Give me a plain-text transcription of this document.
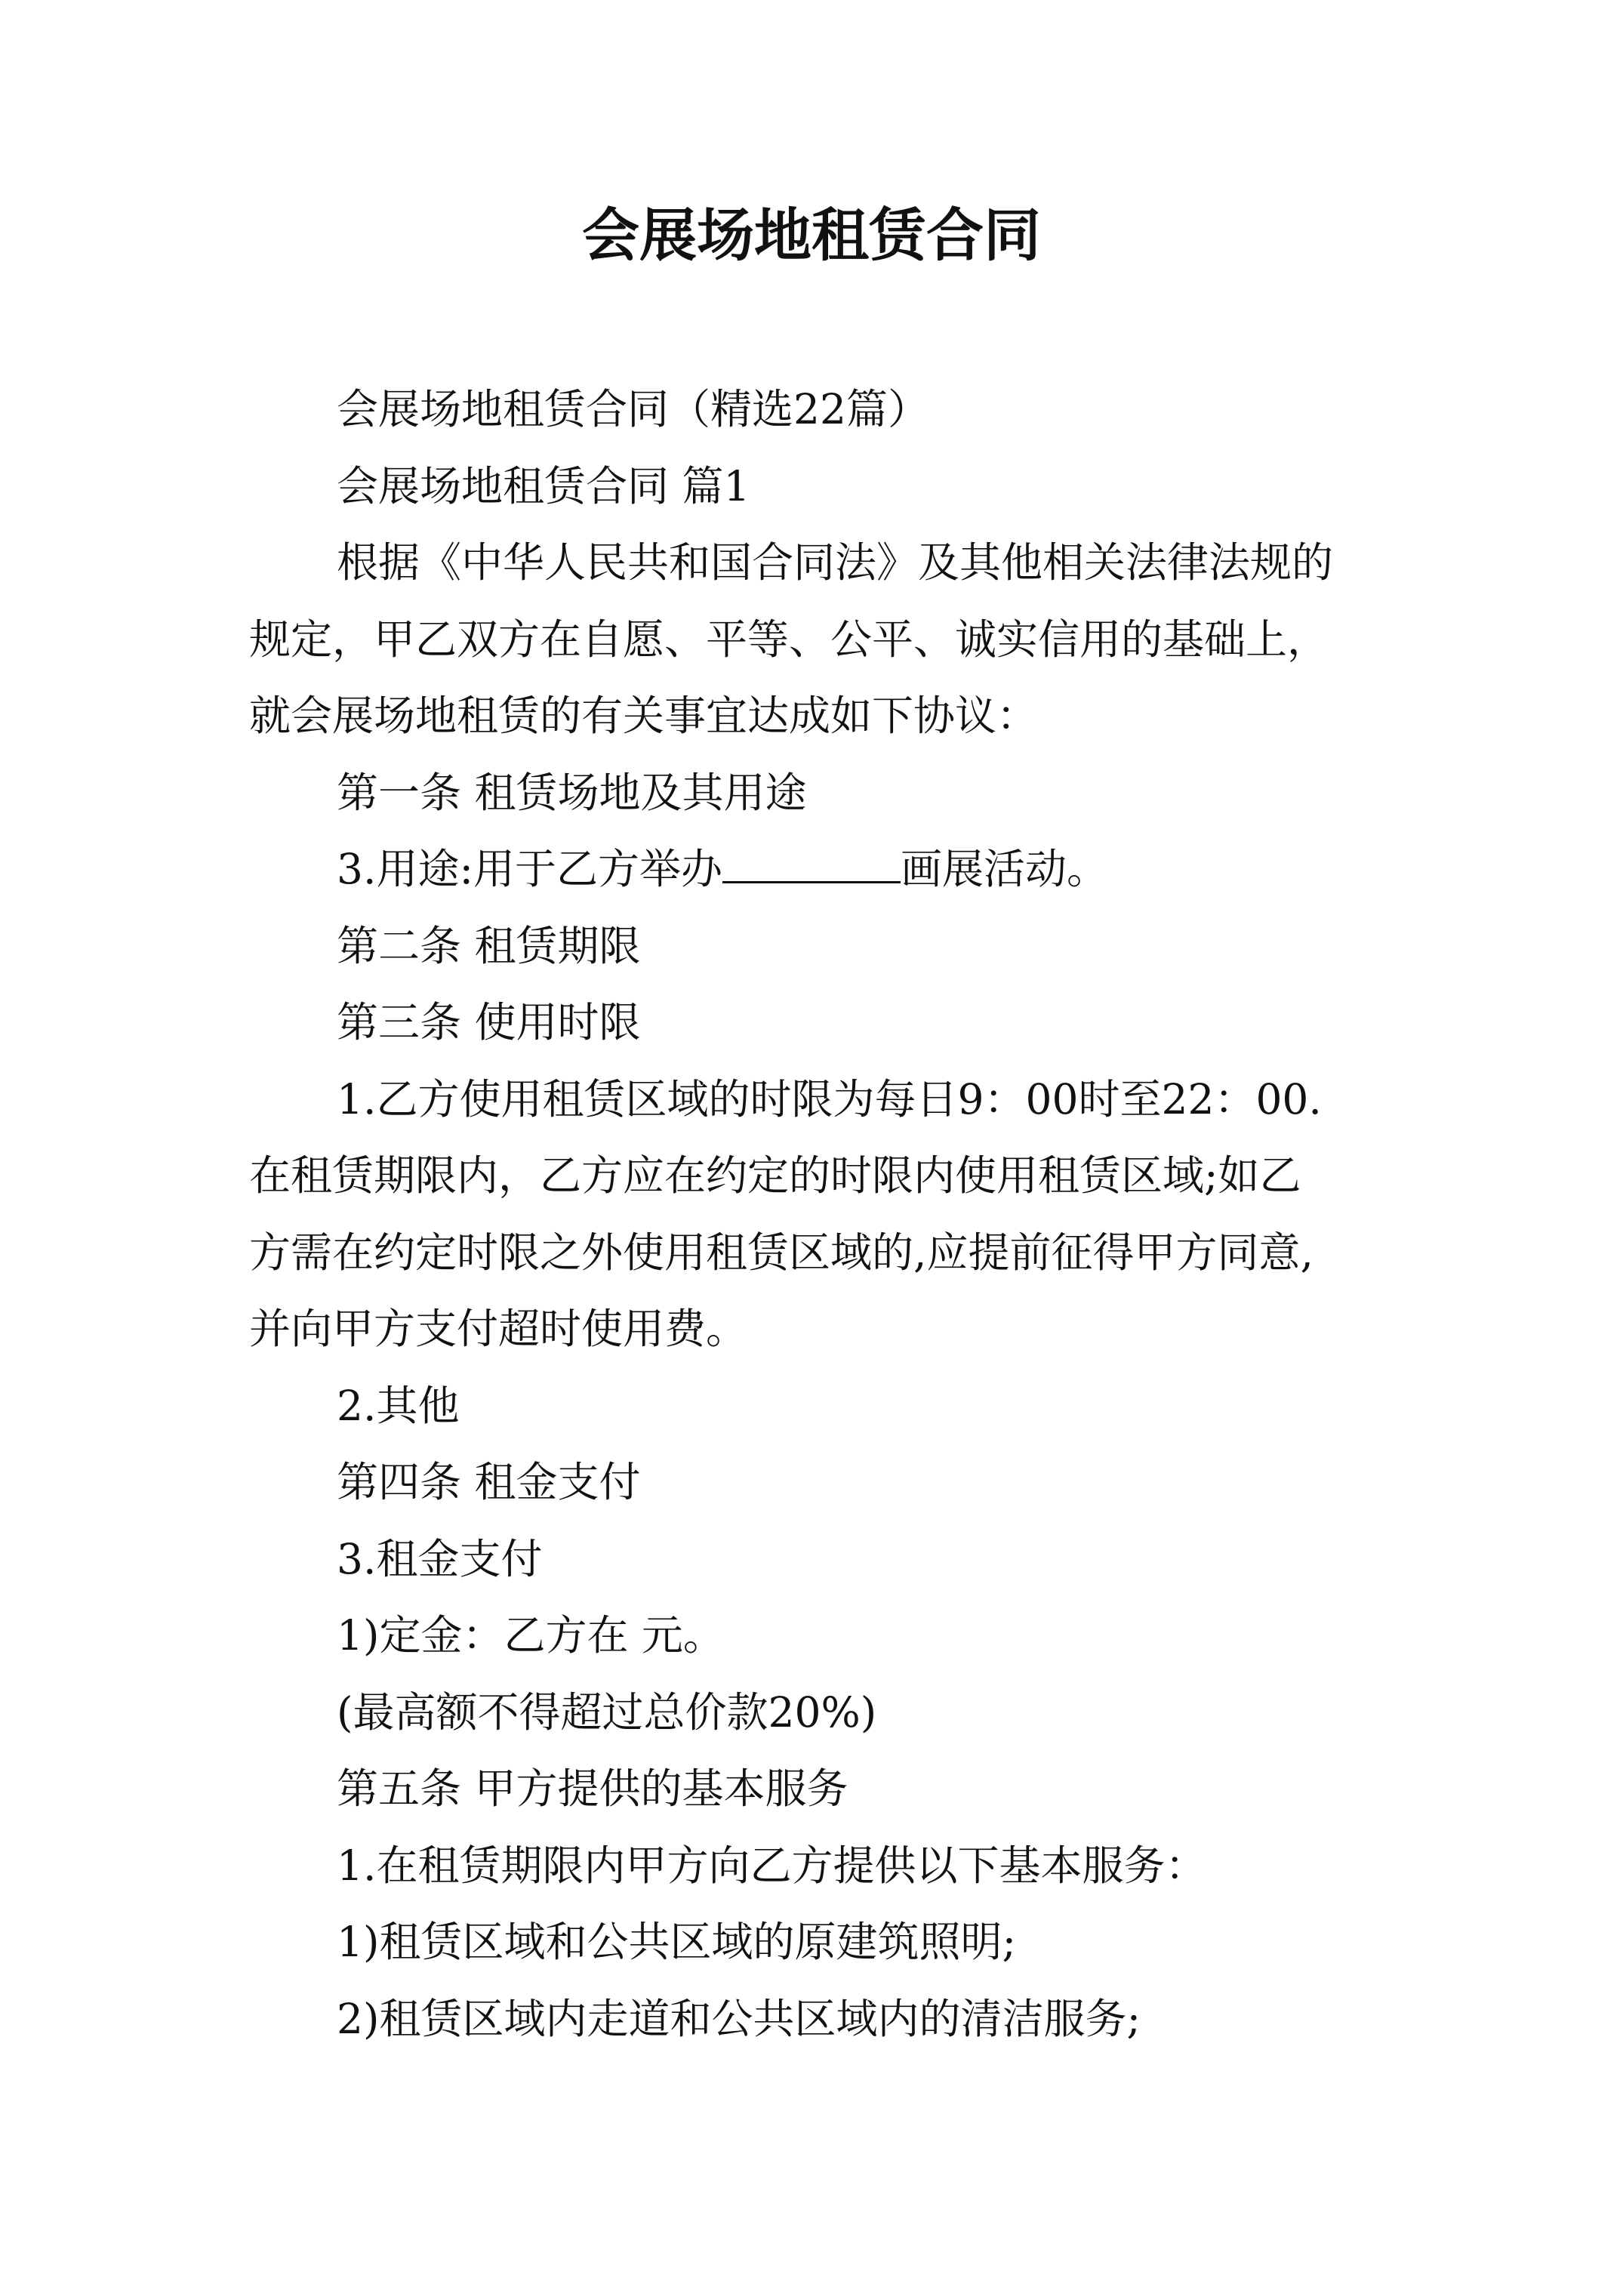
会展场地租赁合同

会展场地租赁合同（精选22篇）

会展场地租赁合同 篇1

根据《中华人民共和国合同法》及其他相关法律法规的

规定，甲乙双方在自愿、平等、公平、诚实信用的基础上，

就会展场地租赁的有关事宜达成如下协议：

第一条 租赁场地及其用途

3.用途:用于乙方举办	画展活动。

第二条 租赁期限

第三条 使用时限

1.乙方使用租赁区域的时限为每日9：00时至22：00.

在租赁期限内，乙方应在约定的时限内使用租赁区域;如乙

方需在约定时限之外使用租赁区域的,应提前征得甲方同意,

并向甲方支付超时使用费。

2.其他

第四条 租金支付

3.租金支付

1)定金：乙方在 元。

(最高额不得超过总价款20%)

第五条 甲方提供的基本服务

1.在租赁期限内甲方向乙方提供以下基本服务：

1)租赁区域和公共区域的原建筑照明;

2)租赁区域内走道和公共区域内的清洁服务;
